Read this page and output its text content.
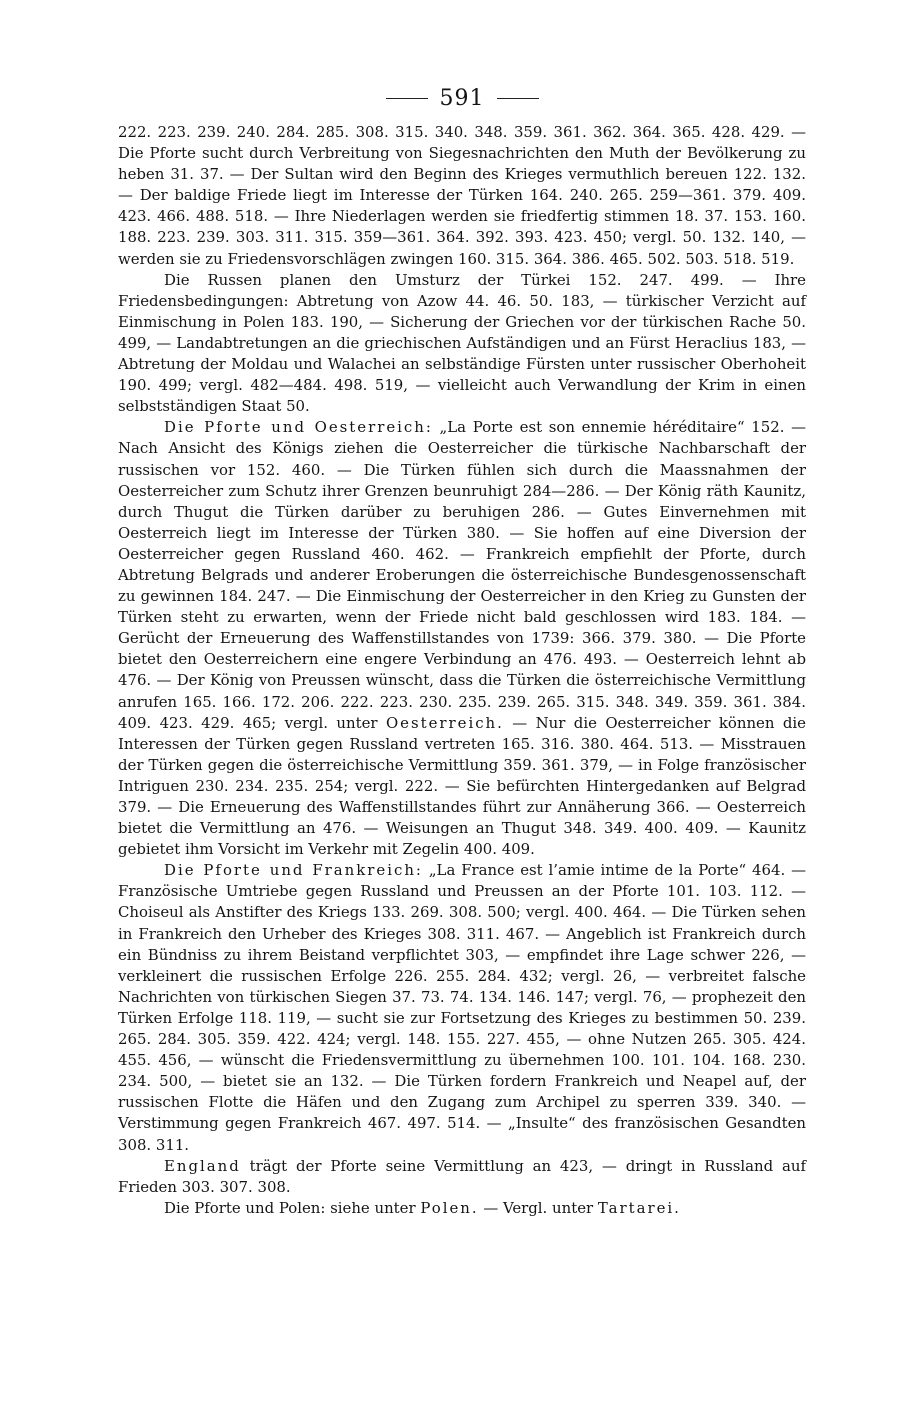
591

222. 223. 239. 240. 284. 285. 308. 315. 340. 348. 359. 361. 362. 364. 365. 428. 429. — Die Pforte sucht durch Verbreitung von Siegesnachrichten den Muth der Bevölkerung zu heben 31. 37. — Der Sultan wird den Beginn des Krieges vermuthlich bereuen 122. 132. — Der baldige Friede liegt im Interesse der Türken 164. 240. 265. 259—361. 379. 409. 423. 466. 488. 518. — Ihre Niederlagen werden sie friedfertig stimmen 18. 37. 153. 160. 188. 223. 239. 303. 311. 315. 359—361. 364. 392. 393. 423. 450; vergl. 50. 132. 140, — werden sie zu Friedensvorschlägen zwingen 160. 315. 364. 386. 465. 502. 503. 518. 519.

Die Russen planen den Umsturz der Türkei 152. 247. 499. — Ihre Friedensbedingungen: Abtretung von Azow 44. 46. 50. 183, — türkischer Verzicht auf Einmischung in Polen 183. 190, — Sicherung der Griechen vor der türkischen Rache 50. 499, — Landabtretungen an die griechischen Aufständigen und an Fürst Heraclius 183, — Abtretung der Moldau und Walachei an selbständige Fürsten unter russischer Oberhoheit 190. 499; vergl. 482—484. 498. 519, — vielleicht auch Verwandlung der Krim in einen selbstständigen Staat 50.

Die Pforte und Oesterreich: „La Porte est son ennemie héréditaire“ 152. — Nach Ansicht des Königs ziehen die Oesterreicher die türkische Nachbarschaft der russischen vor 152. 460. — Die Türken fühlen sich durch die Maassnahmen der Oesterreicher zum Schutz ihrer Grenzen beunruhigt 284—286. — Der König räth Kaunitz, durch Thugut die Türken darüber zu beruhigen 286. — Gutes Einvernehmen mit Oesterreich liegt im Interesse der Türken 380. — Sie hoffen auf eine Diversion der Oesterreicher gegen Russland 460. 462. — Frankreich empfiehlt der Pforte, durch Abtretung Belgrads und anderer Eroberungen die österreichische Bundesgenossenschaft zu gewinnen 184. 247. — Die Einmischung der Oesterreicher in den Krieg zu Gunsten der Türken steht zu erwarten, wenn der Friede nicht bald geschlossen wird 183. 184. — Gerücht der Erneuerung des Waffenstillstandes von 1739: 366. 379. 380. — Die Pforte bietet den Oesterreichern eine engere Verbindung an 476. 493. — Oesterreich lehnt ab 476. — Der König von Preussen wünscht, dass die Türken die österreichische Vermittlung anrufen 165. 166. 172. 206. 222. 223. 230. 235. 239. 265. 315. 348. 349. 359. 361. 384. 409. 423. 429. 465; vergl. unter Oesterreich. — Nur die Oesterreicher können die Interessen der Türken gegen Russland vertreten 165. 316. 380. 464. 513. — Misstrauen der Türken gegen die österreichische Vermittlung 359. 361. 379, — in Folge französischer Intriguen 230. 234. 235. 254; vergl. 222. — Sie befürchten Hintergedanken auf Belgrad 379. — Die Erneuerung des Waffenstillstandes führt zur Annäherung 366. — Oesterreich bietet die Vermittlung an 476. — Weisungen an Thugut 348. 349. 400. 409. — Kaunitz gebietet ihm Vorsicht im Verkehr mit Zegelin 400. 409.

Die Pforte und Frankreich: „La France est l’amie intime de la Porte“ 464. — Französische Umtriebe gegen Russland und Preussen an der Pforte 101. 103. 112. — Choiseul als Anstifter des Kriegs 133. 269. 308. 500; vergl. 400. 464. — Die Türken sehen in Frankreich den Urheber des Krieges 308. 311. 467. — Angeblich ist Frankreich durch ein Bündniss zu ihrem Beistand verpflichtet 303, — empfindet ihre Lage schwer 226, — verkleinert die russischen Erfolge 226. 255. 284. 432; vergl. 26, — verbreitet falsche Nachrichten von türkischen Siegen 37. 73. 74. 134. 146. 147; vergl. 76, — prophezeit den Türken Erfolge 118. 119, — sucht sie zur Fortsetzung des Krieges zu bestimmen 50. 239. 265. 284. 305. 359. 422. 424; vergl. 148. 155. 227. 455, — ohne Nutzen 265. 305. 424. 455. 456, — wünscht die Friedensvermittlung zu übernehmen 100. 101. 104. 168. 230. 234. 500, — bietet sie an 132. — Die Türken fordern Frankreich und Neapel auf, der russischen Flotte die Häfen und den Zugang zum Archipel zu sperren 339. 340. — Verstimmung gegen Frankreich 467. 497. 514. — „Insulte“ des französischen Gesandten 308. 311.

England trägt der Pforte seine Vermittlung an 423, — dringt in Russland auf Frieden 303. 307. 308.

Die Pforte und Polen: siehe unter Polen. — Vergl. unter Tartarei.
